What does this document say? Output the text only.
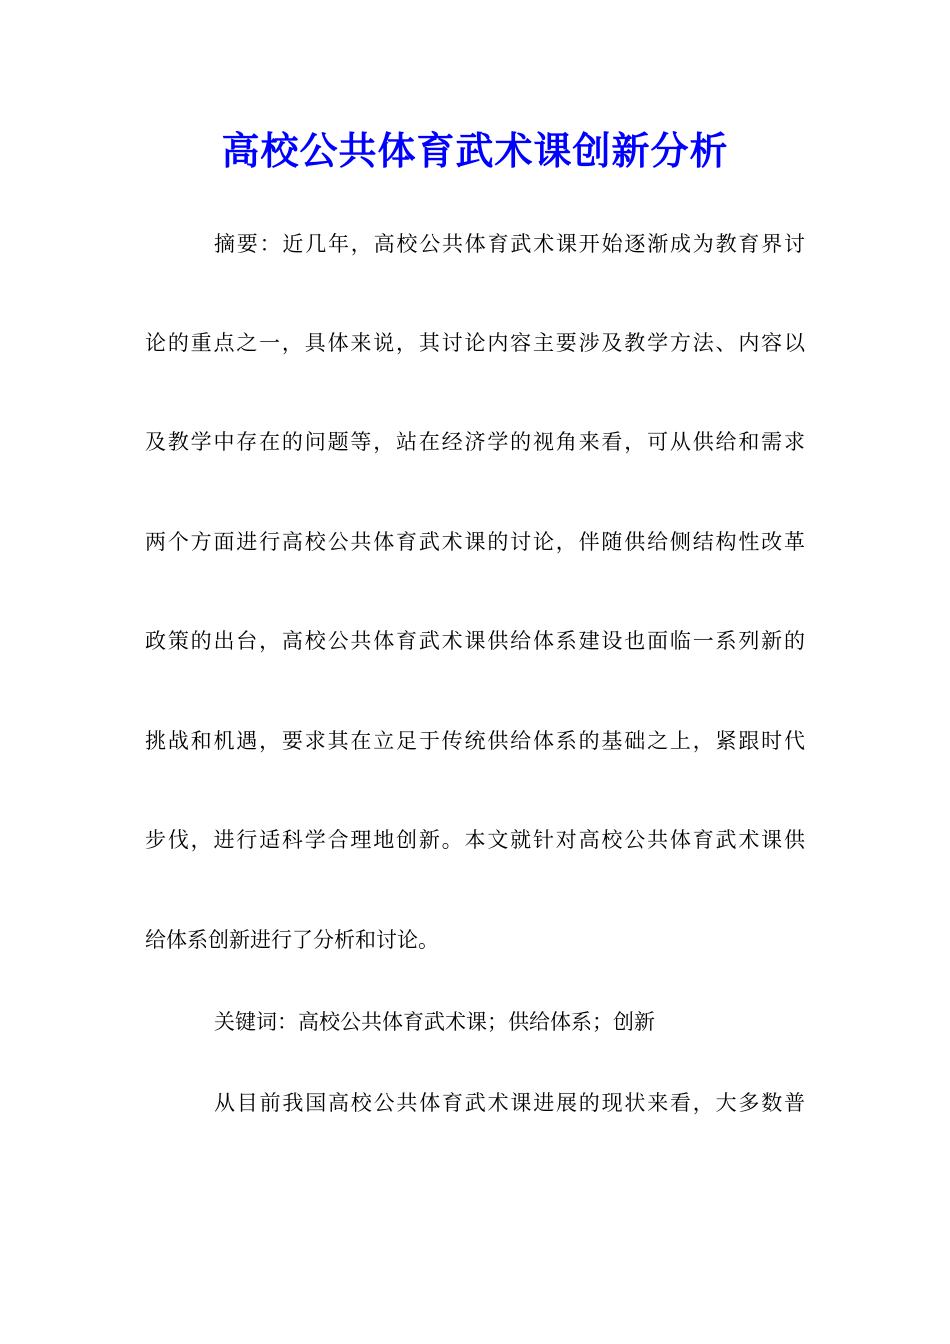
高校公共体育武术课创新分析
摘要：近几年，高校公共体育武术课开始逐渐成为教育界讨
论的重点之一，具体来说，其讨论内容主要涉及教学方法、内容以
及教学中存在的问题等，站在经济学的视角来看，可从供给和需求
两个方面进行高校公共体育武术课的讨论，伴随供给侧结构性改革
政策的出台，高校公共体育武术课供给体系建设也面临一系列新的
挑战和机遇，要求其在立足于传统供给体系的基础之上，紧跟时代
步伐，进行适科学合理地创新。本文就针对高校公共体育武术课供
给体系创新进行了分析和讨论。
关键词：高校公共体育武术课；供给体系；创新
从目前我国高校公共体育武术课进展的现状来看，大多数普
